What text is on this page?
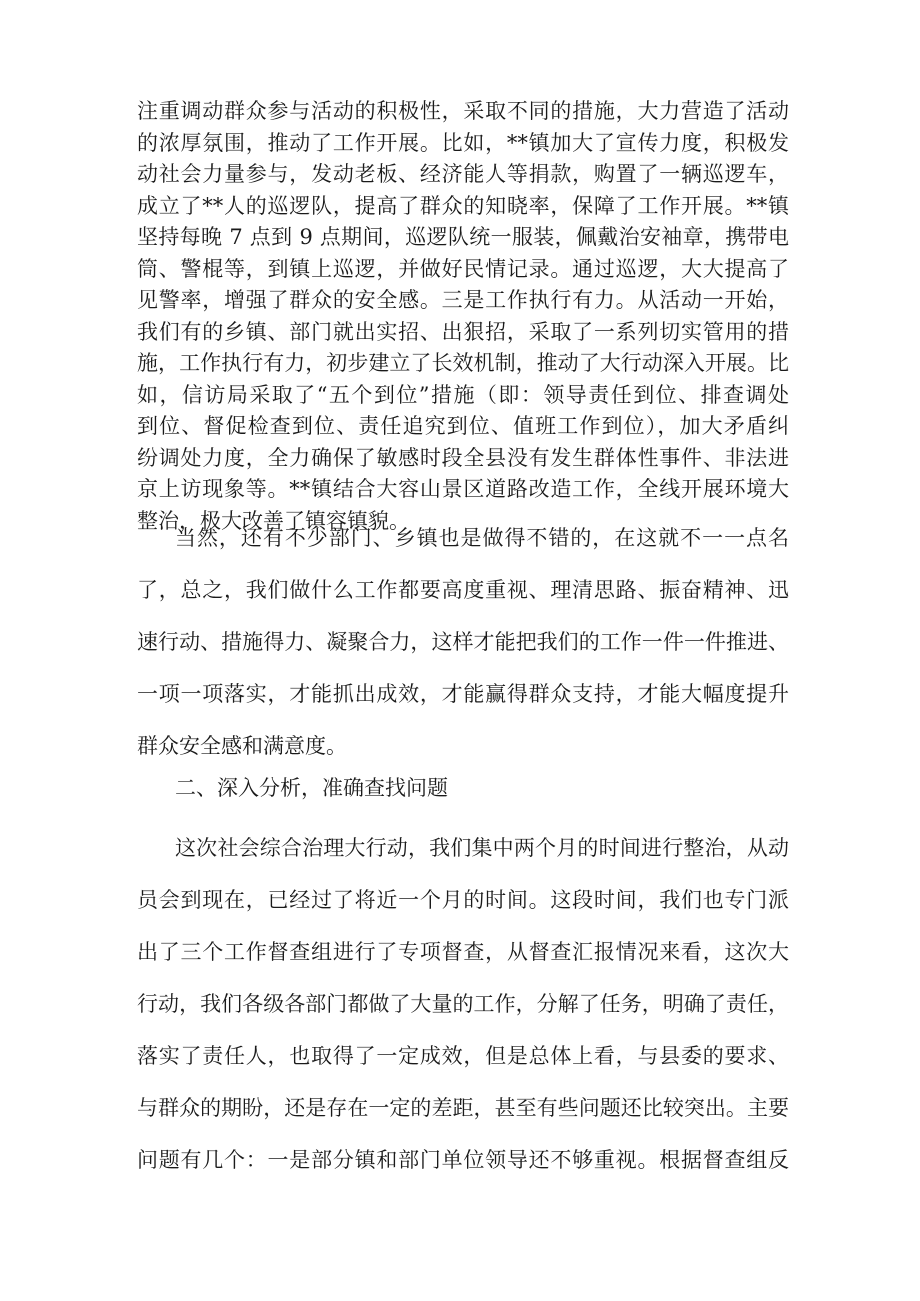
注重调动群众参与活动的积极性，采取不同的措施，大力营造了活动
的浓厚氛围，推动了工作开展。比如，**镇加大了宣传力度，积极发
动社会力量参与，发动老板、经济能人等捐款，购置了一辆巡逻车，
成立了**人的巡逻队，提高了群众的知晓率，保障了工作开展。**镇
坚持每晚 7 点到 9 点期间，巡逻队统一服装，佩戴治安袖章，携带电
筒、警棍等，到镇上巡逻，并做好民情记录。通过巡逻，大大提高了
见警率，增强了群众的安全感。三是工作执行有力。从活动一开始，
我们有的乡镇、部门就出实招、出狠招，采取了一系列切实管用的措
施，工作执行有力，初步建立了长效机制，推动了大行动深入开展。比
如，信访局采取了“五个到位”措施（即：领导责任到位、排查调处
到位、督促检查到位、责任追究到位、值班工作到位），加大矛盾纠
纷调处力度，全力确保了敏感时段全县没有发生群体性事件、非法进
京上访现象等。**镇结合大容山景区道路改造工作，全线开展环境大
整治，极大改善了镇容镇貌。
当然，还有不少部门、乡镇也是做得不错的，在这就不一一点名
了，总之，我们做什么工作都要高度重视、理清思路、振奋精神、迅
速行动、措施得力、凝聚合力，这样才能把我们的工作一件一件推进、
一项一项落实，才能抓出成效，才能赢得群众支持，才能大幅度提升
群众安全感和满意度。
二、深入分析，准确查找问题
这次社会综合治理大行动，我们集中两个月的时间进行整治，从动
员会到现在，已经过了将近一个月的时间。这段时间，我们也专门派
出了三个工作督查组进行了专项督查，从督查汇报情况来看，这次大
行动，我们各级各部门都做了大量的工作，分解了任务，明确了责任，
落实了责任人，也取得了一定成效，但是总体上看，与县委的要求、
与群众的期盼，还是存在一定的差距，甚至有些问题还比较突出。主要
问题有几个：一是部分镇和部门单位领导还不够重视。根据督查组反
